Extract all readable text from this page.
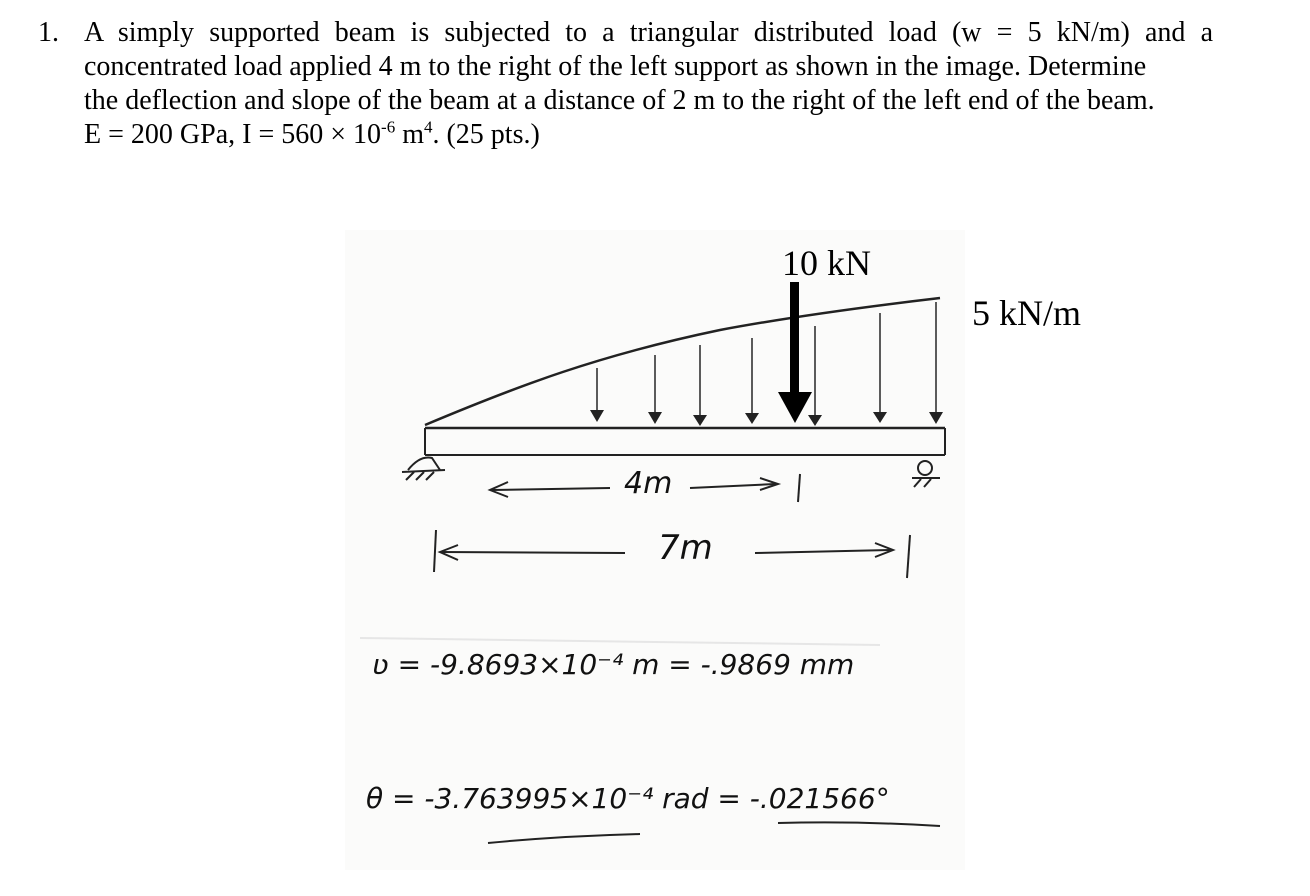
1. A simply supported beam is subjected to a triangular distributed load (w = 5 kN/m) and a
concentrated load applied 4 m to the right of the left support as shown in the image. Determine
the deflection and slope of the beam at a distance of 2 m to the right of the left end of the beam.
E = 200 GPa, $I = 560 \times 10^{-6}$ $m^4$. (25 pts.)
10 kN
5 kN/m
4m
7m
ʋ = -9.8693×10⁻⁴ m = -.9869 mm
θ = -3.763995×10⁻⁴ rad = -.021566°
